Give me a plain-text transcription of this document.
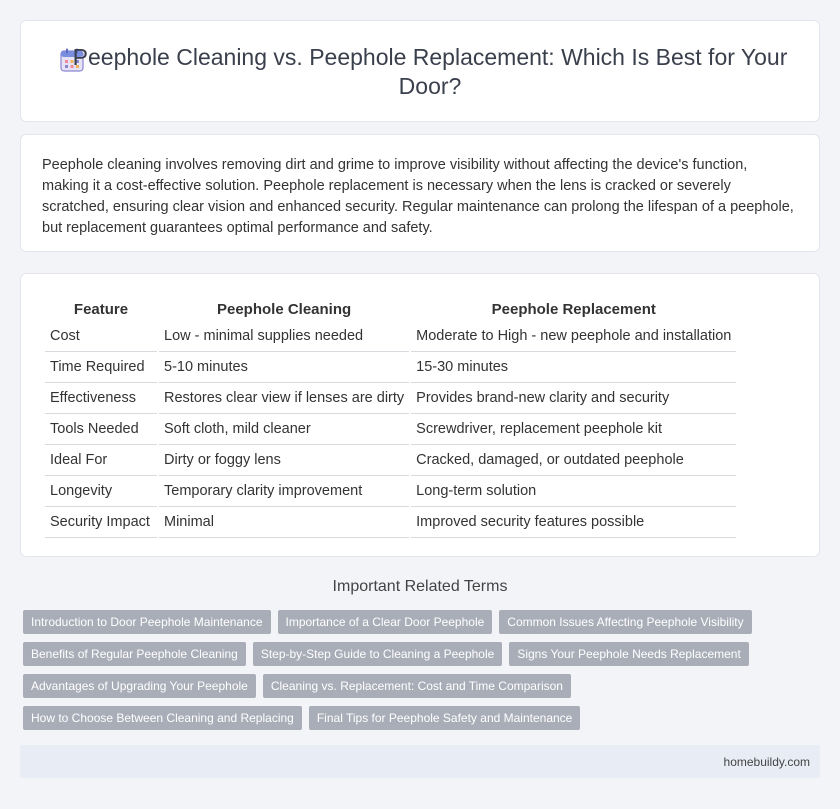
Peephole Cleaning vs. Peephole Replacement: Which Is Best for Your Door?

Peephole cleaning involves removing dirt and grime to improve visibility without affecting the device's function, making it a cost-effective solution. Peephole replacement is necessary when the lens is cracked or severely scratched, ensuring clear vision and enhanced security. Regular maintenance can prolong the lifespan of a peephole, but replacement guarantees optimal performance and safety.

Feature	Peephole Cleaning	Peephole Replacement
Cost	Low - minimal supplies needed	Moderate to High - new peephole and installation
Time Required	5-10 minutes	15-30 minutes
Effectiveness	Restores clear view if lenses are dirty	Provides brand-new clarity and security
Tools Needed	Soft cloth, mild cleaner	Screwdriver, replacement peephole kit
Ideal For	Dirty or foggy lens	Cracked, damaged, or outdated peephole
Longevity	Temporary clarity improvement	Long-term solution
Security Impact	Minimal	Improved security features possible
Important Related Terms
Introduction to Door Peephole Maintenance	Importance of a Clear Door Peephole	Common Issues Affecting Peephole Visibility
Benefits of Regular Peephole Cleaning	Step-by-Step Guide to Cleaning a Peephole	Signs Your Peephole Needs Replacement
Advantages of Upgrading Your Peephole	Cleaning vs. Replacement: Cost and Time Comparison
How to Choose Between Cleaning and Replacing	Final Tips for Peephole Safety and Maintenance
homebuildy.com
